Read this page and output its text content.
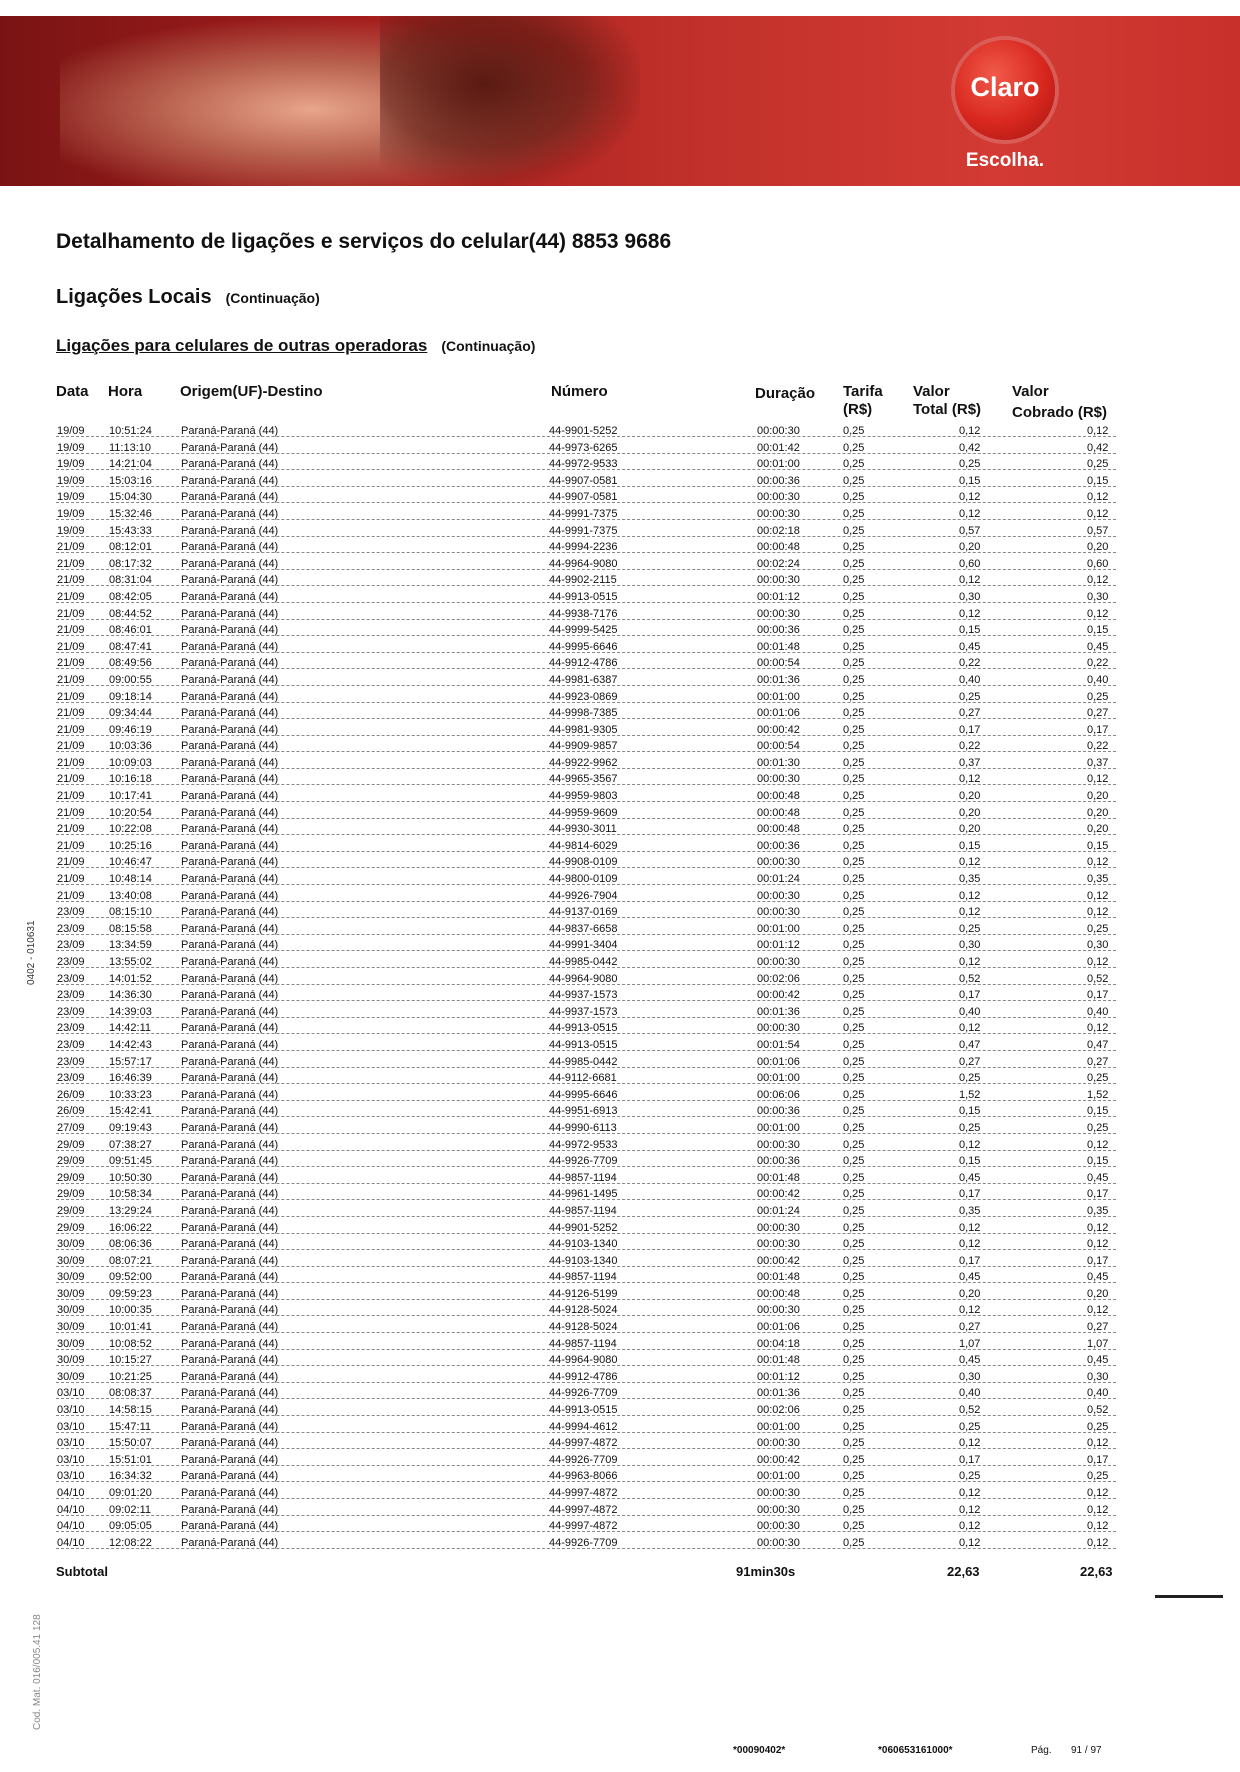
Claro
Escolha.
Detalhamento de ligações e serviços do celular(44) 8853 9686
Ligações Locais (Continuação)
Ligações para celulares de outras operadoras (Continuação)
Data Hora	Origem(UF)-Destino	Número	Duração Tarifa
(R$)
Valor
Total (R$)
Valor
Cobrado (R$)
19/09 10:51:24	Paraná-Paraná (44)	44-9901-5252	00:00:30	0,25	0,12	0,12
19/09 11:13:10	Paraná-Paraná (44)	44-9973-6265	00:01:42	0,25	0,42	0,42
19/09 14:21:04	Paraná-Paraná (44)	44-9972-9533	00:01:00	0,25	0,25	0,25
19/09 15:03:16	Paraná-Paraná (44)	44-9907-0581	00:00:36	0,25	0,15	0,15
19/09 15:04:30	Paraná-Paraná (44)	44-9907-0581	00:00:30	0,25	0,12	0,12
19/09 15:32:46	Paraná-Paraná (44)	44-9991-7375	00:00:30	0,25	0,12	0,12
19/09 15:43:33	Paraná-Paraná (44)	44-9991-7375	00:02:18	0,25	0,57	0,57
21/09 08:12:01	Paraná-Paraná (44)	44-9994-2236	00:00:48	0,25	0,20	0,20
21/09 08:17:32	Paraná-Paraná (44)	44-9964-9080	00:02:24	0,25	0,60	0,60
21/09 08:31:04	Paraná-Paraná (44)	44-9902-2115	00:00:30	0,25	0,12	0,12
21/09 08:42:05	Paraná-Paraná (44)	44-9913-0515	00:01:12	0,25	0,30	0,30
21/09 08:44:52	Paraná-Paraná (44)	44-9938-7176	00:00:30	0,25	0,12	0,12
21/09 08:46:01	Paraná-Paraná (44)	44-9999-5425	00:00:36	0,25	0,15	0,15
21/09 08:47:41	Paraná-Paraná (44)	44-9995-6646	00:01:48	0,25	0,45	0,45
21/09 08:49:56	Paraná-Paraná (44)	44-9912-4786	00:00:54	0,25	0,22	0,22
21/09 09:00:55	Paraná-Paraná (44)	44-9981-6387	00:01:36	0,25	0,40	0,40
21/09 09:18:14	Paraná-Paraná (44)	44-9923-0869	00:01:00	0,25	0,25	0,25
21/09 09:34:44	Paraná-Paraná (44)	44-9998-7385	00:01:06	0,25	0,27	0,27
21/09 09:46:19	Paraná-Paraná (44)	44-9981-9305	00:00:42	0,25	0,17	0,17
21/09 10:03:36	Paraná-Paraná (44)	44-9909-9857	00:00:54	0,25	0,22	0,22
21/09 10:09:03	Paraná-Paraná (44)	44-9922-9962	00:01:30	0,25	0,37	0,37
21/09 10:16:18	Paraná-Paraná (44)	44-9965-3567	00:00:30	0,25	0,12	0,12
21/09 10:17:41	Paraná-Paraná (44)	44-9959-9803	00:00:48	0,25	0,20	0,20
21/09 10:20:54	Paraná-Paraná (44)	44-9959-9609	00:00:48	0,25	0,20	0,20
21/09 10:22:08	Paraná-Paraná (44)	44-9930-3011	00:00:48	0,25	0,20	0,20
21/09 10:25:16	Paraná-Paraná (44)	44-9814-6029	00:00:36	0,25	0,15	0,15
21/09 10:46:47	Paraná-Paraná (44)	44-9908-0109	00:00:30	0,25	0,12	0,12
21/09 10:48:14	Paraná-Paraná (44)	44-9800-0109	00:01:24	0,25	0,35	0,35
21/09 13:40:08	Paraná-Paraná (44)	44-9926-7904	00:00:30	0,25	0,12	0,12
23/09 08:15:10	Paraná-Paraná (44)	44-9137-0169	00:00:30	0,25	0,12	0,12
23/09 08:15:58	Paraná-Paraná (44)	44-9837-6658	00:01:00	0,25	0,25	0,25
23/09 13:34:59	Paraná-Paraná (44)	44-9991-3404	00:01:12	0,25	0,30	0,30
23/09 13:55:02	Paraná-Paraná (44)	44-9985-0442	00:00:30	0,25	0,12	0,12
23/09 14:01:52	Paraná-Paraná (44)	44-9964-9080	00:02:06	0,25	0,52	0,52
23/09 14:36:30	Paraná-Paraná (44)	44-9937-1573	00:00:42	0,25	0,17	0,17
23/09 14:39:03	Paraná-Paraná (44)	44-9937-1573	00:01:36	0,25	0,40	0,40
23/09 14:42:11	Paraná-Paraná (44)	44-9913-0515	00:00:30	0,25	0,12	0,12
23/09 14:42:43	Paraná-Paraná (44)	44-9913-0515	00:01:54	0,25	0,47	0,47
23/09 15:57:17	Paraná-Paraná (44)	44-9985-0442	00:01:06	0,25	0,27	0,27
23/09 16:46:39	Paraná-Paraná (44)	44-9112-6681	00:01:00	0,25	0,25	0,25
26/09 10:33:23	Paraná-Paraná (44)	44-9995-6646	00:06:06	0,25	1,52	1,52
26/09 15:42:41	Paraná-Paraná (44)	44-9951-6913	00:00:36	0,25	0,15	0,15
27/09 09:19:43	Paraná-Paraná (44)	44-9990-6113	00:01:00	0,25	0,25	0,25
29/09 07:38:27	Paraná-Paraná (44)	44-9972-9533	00:00:30	0,25	0,12	0,12
29/09 09:51:45	Paraná-Paraná (44)	44-9926-7709	00:00:36	0,25	0,15	0,15
29/09 10:50:30	Paraná-Paraná (44)	44-9857-1194	00:01:48	0,25	0,45	0,45
29/09 10:58:34	Paraná-Paraná (44)	44-9961-1495	00:00:42	0,25	0,17	0,17
29/09 13:29:24	Paraná-Paraná (44)	44-9857-1194	00:01:24	0,25	0,35	0,35
29/09 16:06:22	Paraná-Paraná (44)	44-9901-5252	00:00:30	0,25	0,12	0,12
30/09 08:06:36	Paraná-Paraná (44)	44-9103-1340	00:00:30	0,25	0,12	0,12
30/09 08:07:21	Paraná-Paraná (44)	44-9103-1340	00:00:42	0,25	0,17	0,17
30/09 09:52:00	Paraná-Paraná (44)	44-9857-1194	00:01:48	0,25	0,45	0,45
30/09 09:59:23	Paraná-Paraná (44)	44-9126-5199	00:00:48	0,25	0,20	0,20
30/09 10:00:35	Paraná-Paraná (44)	44-9128-5024	00:00:30	0,25	0,12	0,12
30/09 10:01:41	Paraná-Paraná (44)	44-9128-5024	00:01:06	0,25	0,27	0,27
30/09 10:08:52	Paraná-Paraná (44)	44-9857-1194	00:04:18	0,25	1,07	1,07
30/09 10:15:27	Paraná-Paraná (44)	44-9964-9080	00:01:48	0,25	0,45	0,45
30/09 10:21:25	Paraná-Paraná (44)	44-9912-4786	00:01:12	0,25	0,30	0,30
03/10 08:08:37	Paraná-Paraná (44)	44-9926-7709	00:01:36	0,25	0,40	0,40
03/10 14:58:15	Paraná-Paraná (44)	44-9913-0515	00:02:06	0,25	0,52	0,52
03/10 15:47:11	Paraná-Paraná (44)	44-9994-4612	00:01:00	0,25	0,25	0,25
03/10 15:50:07	Paraná-Paraná (44)	44-9997-4872	00:00:30	0,25	0,12	0,12
03/10 15:51:01	Paraná-Paraná (44)	44-9926-7709	00:00:42	0,25	0,17	0,17
03/10 16:34:32	Paraná-Paraná (44)	44-9963-8066	00:01:00	0,25	0,25	0,25
04/10 09:01:20	Paraná-Paraná (44)	44-9997-4872	00:00:30	0,25	0,12	0,12
04/10 09:02:11	Paraná-Paraná (44)	44-9997-4872	00:00:30	0,25	0,12	0,12
04/10 09:05:05	Paraná-Paraná (44)	44-9997-4872	00:00:30	0,25	0,12	0,12
04/10 12:08:22	Paraná-Paraná (44)	44-9926-7709	00:00:30	0,25	0,12	0,12
Subtotal	91min30s	22,63	22,63
0402 - 010631
Cod. Mat. 016/005.41 128
*00090402*	*060653161000*	Pág. 91 / 97
